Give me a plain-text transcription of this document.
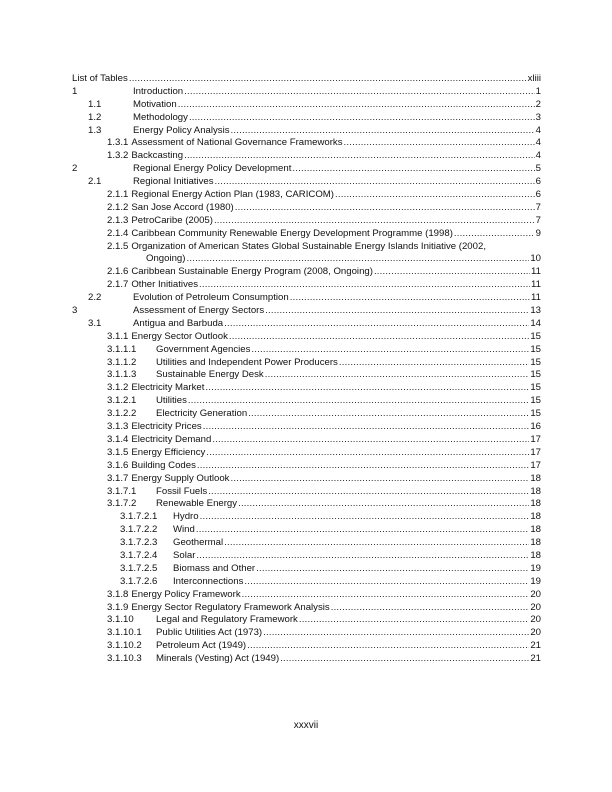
List of Tables .....	xliii
1	Introduction .....	1
1.1	Motivation .....	2
1.2	Methodology .....	3
1.3	Energy Policy Analysis .....	4
1.3.1 Assessment of National Governance Frameworks .....	4
1.3.2 Backcasting .....	4
2	Regional Energy Policy Development .....	5
2.1	Regional Initiatives .....	6
2.1.1 Regional Energy Action Plan (1983, CARICOM) .....	6
2.1.2 San Jose Accord (1980) .....	7
2.1.3 PetroCaribe (2005) .....	7
2.1.4 Caribbean Community Renewable Energy Development Programme (1998) .....	9
2.1.5 Organization of American States Global Sustainable Energy Islands Initiative (2002,
Ongoing) .....	10
2.1.6 Caribbean Sustainable Energy Program (2008, Ongoing) .....	11
2.1.7 Other Initiatives .....	11
2.2	Evolution of Petroleum Consumption .....	11
3	Assessment of Energy Sectors .....	13
3.1	Antigua and Barbuda .....	14
3.1.1 Energy Sector Outlook .....	15
3.1.1.1 Government Agencies .....	15
3.1.1.2 Utilities and Independent Power Producers .....	15
3.1.1.3 Sustainable Energy Desk .....	15
3.1.2 Electricity Market .....	15
3.1.2.1 Utilities .....	15
3.1.2.2 Electricity Generation .....	15
3.1.3 Electricity Prices .....	16
3.1.4 Electricity Demand .....	17
3.1.5 Energy Efficiency .....	17
3.1.6 Building Codes .....	17
3.1.7 Energy Supply Outlook .....	18
3.1.7.1 Fossil Fuels .....	18
3.1.7.2 Renewable Energy .....	18
3.1.7.2.1 Hydro .....	18
3.1.7.2.2 Wind .....	18
3.1.7.2.3 Geothermal .....	18
3.1.7.2.4 Solar .....	18
3.1.7.2.5 Biomass and Other .....	19
3.1.7.2.6 Interconnections .....	19
3.1.8 Energy Policy Framework .....	20
3.1.9 Energy Sector Regulatory Framework Analysis .....	20
3.1.10 Legal and Regulatory Framework .....	20
3.1.10.1 Public Utilities Act (1973) .....	20
3.1.10.2 Petroleum Act (1949) .....	21
3.1.10.3 Minerals (Vesting) Act (1949) .....	21
xxxvii
